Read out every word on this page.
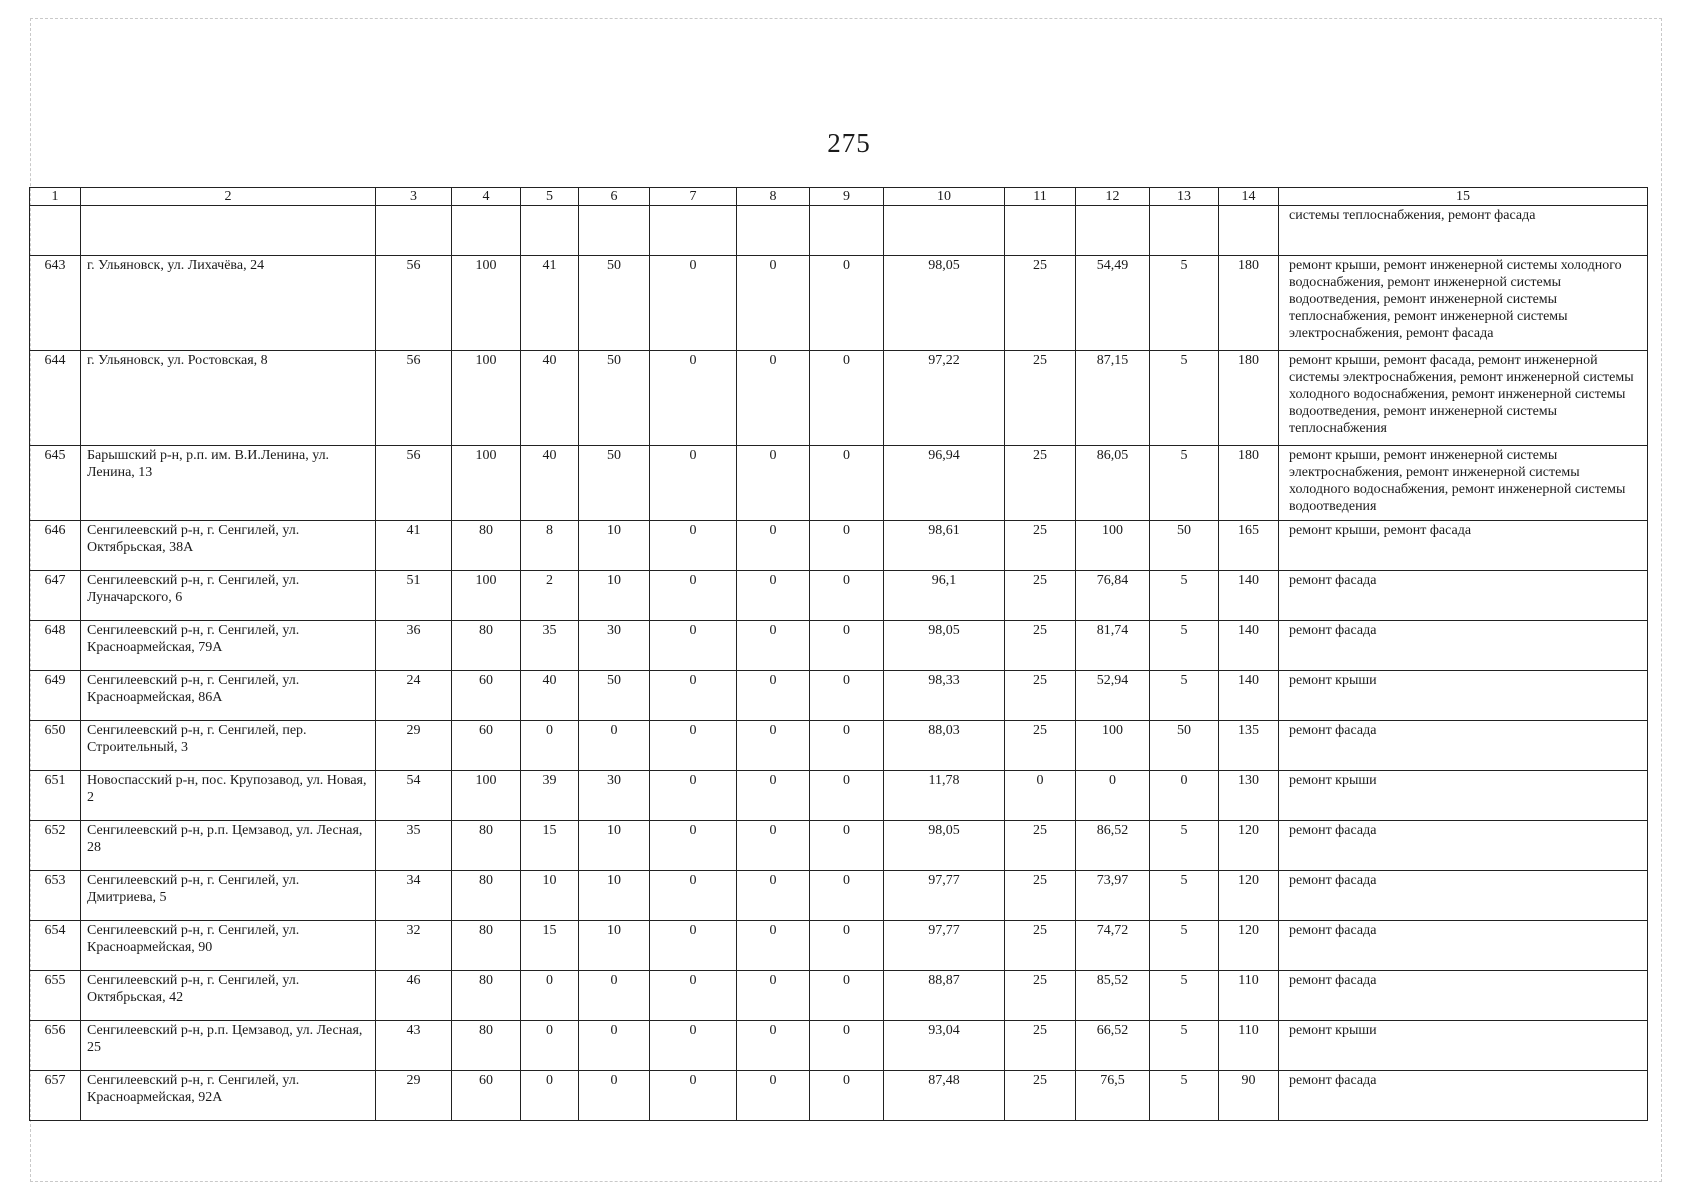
275
1	2	3	4	5	6	7	8	9	10	11	12	13	14	15
														системы теплоснабжения, ремонт фасада
643	г. Ульяновск, ул. Лихачёва, 24	56	100	41	50	0	0	0	98,05	25	54,49	5	180	ремонт крыши, ремонт инженерной системы холодного водоснабжения, ремонт инженерной системы водоотведения, ремонт инженерной системы теплоснабжения, ремонт инженерной системы электроснабжения, ремонт фасада
644	г. Ульяновск, ул. Ростовская, 8	56	100	40	50	0	0	0	97,22	25	87,15	5	180	ремонт крыши, ремонт фасада, ремонт инженерной системы электроснабжения, ремонт инженерной системы холодного водоснабжения, ремонт инженерной системы водоотведения, ремонт инженерной системы теплоснабжения
645	Барышский р-н, р.п. им. В.И.Ленина, ул. Ленина, 13	56	100	40	50	0	0	0	96,94	25	86,05	5	180	ремонт крыши, ремонт инженерной системы электроснабжения, ремонт инженерной системы холодного водоснабжения, ремонт инженерной системы водоотведения
646	Сенгилеевский р-н, г. Сенгилей, ул. Октябрьская, 38А	41	80	8	10	0	0	0	98,61	25	100	50	165	ремонт крыши, ремонт фасада
647	Сенгилеевский р-н, г. Сенгилей, ул. Луначарского, 6	51	100	2	10	0	0	0	96,1	25	76,84	5	140	ремонт фасада
648	Сенгилеевский р-н, г. Сенгилей, ул. Красноармейская, 79А	36	80	35	30	0	0	0	98,05	25	81,74	5	140	ремонт фасада
649	Сенгилеевский р-н, г. Сенгилей, ул. Красноармейская, 86А	24	60	40	50	0	0	0	98,33	25	52,94	5	140	ремонт крыши
650	Сенгилеевский р-н, г. Сенгилей, пер. Строительный, 3	29	60	0	0	0	0	0	88,03	25	100	50	135	ремонт фасада
651	Новоспасский р-н, пос. Крупозавод, ул. Новая, 2	54	100	39	30	0	0	0	11,78	0	0	0	130	ремонт крыши
652	Сенгилеевский р-н, р.п. Цемзавод, ул. Лесная, 28	35	80	15	10	0	0	0	98,05	25	86,52	5	120	ремонт фасада
653	Сенгилеевский р-н, г. Сенгилей, ул. Дмитриева, 5	34	80	10	10	0	0	0	97,77	25	73,97	5	120	ремонт фасада
654	Сенгилеевский р-н, г. Сенгилей, ул. Красноармейская, 90	32	80	15	10	0	0	0	97,77	25	74,72	5	120	ремонт фасада
655	Сенгилеевский р-н, г. Сенгилей, ул. Октябрьская, 42	46	80	0	0	0	0	0	88,87	25	85,52	5	110	ремонт фасада
656	Сенгилеевский р-н, р.п. Цемзавод, ул. Лесная, 25	43	80	0	0	0	0	0	93,04	25	66,52	5	110	ремонт крыши
657	Сенгилеевский р-н, г. Сенгилей, ул. Красноармейская, 92А	29	60	0	0	0	0	0	87,48	25	76,5	5	90	ремонт фасада
